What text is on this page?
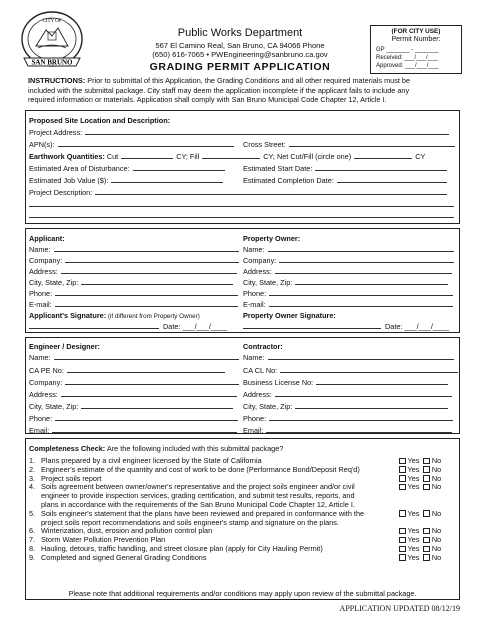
SAN BRUNO
CITY OF
Public Works Department
567 El Camino Real, San Bruno, CA 94066 Phone
(650) 616-7065 • PWEngineering@sanbruno.ca.gov
GRADING PERMIT APPLICATION
(FOR CITY USE)
Permit Number:
GP _______ - _______
Received: ___/___/___
Approved: ___/___/___
INSTRUCTIONS: Prior to submittal of this Application, the Grading Conditions and all other required materials must be
included with the submittal package. City staff may deem the application incomplete if the applicant fails to include any
required information or materials. Application shall comply with San Bruno Municipal Code Chapter 12, Article I.
Proposed Site Location and Description:
Project Address:
APN(s):	Cross Street:
Earthwork Quantities: Cut	CY; Fill	CY; Net Cut/Fill (circle one)	CY
Estimated Area of Disturbance:	Estimated Start Date:
Estimated Job Value ($):	Estimated Completion Date:
Project Description:
Applicant:
Name:
Company:
Address:
City, State, Zip:
Phone:
E-mail:
Applicant's Signature: (if different from Property Owner)
Date: ___/___/____
Property Owner:
Name:
Company:
Address:
City, State, Zip:
Phone:
E-mail:
Property Owner Signature:
Date: ___/___/____
Engineer / Designer:
Name:
CA PE No:
Company:
Address:
City, State, Zip:
Phone:
Email:
Contractor:
Name:
CA CL No:
Business License No:
Address:
City, State, Zip:
Phone:
Email:
Completeness Check: Are the following included with this submittal package?
1. Plans prepared by a civil engineer licensed by the State of California	Yes No
2. Engineer's estimate of the quantity and cost of work to be done (Performance Bond/Deposit Req'd)	Yes No
3. Project soils report	Yes No
4. Soils agreement between owner/owner's representative and the project soils engineer and/or civil
engineer to provide inspection services, grading certification, and submit test results, reports, and
plans in accordance with the requirements of the San Bruno Municipal Code Chapter 12, Article I.
Yes No
5. Soils engineer's statement that the plans have been reviewed and prepared in conformance with the
project soils report recommendations and soils engineer's stamp and signature on the plans.
Yes No
6. Winterization, dust, erosion and pollution control plan	Yes No
7. Storm Water Pollution Prevention Plan	Yes No
8. Hauling, detours, traffic handling, and street closure plan (apply for City Hauling Permit)	Yes No
9. Completed and signed General Grading Conditions	Yes No
Please note that additional requirements and/or conditions may apply upon review of the submittal package.
APPLICATION UPDATED 08/12/19
